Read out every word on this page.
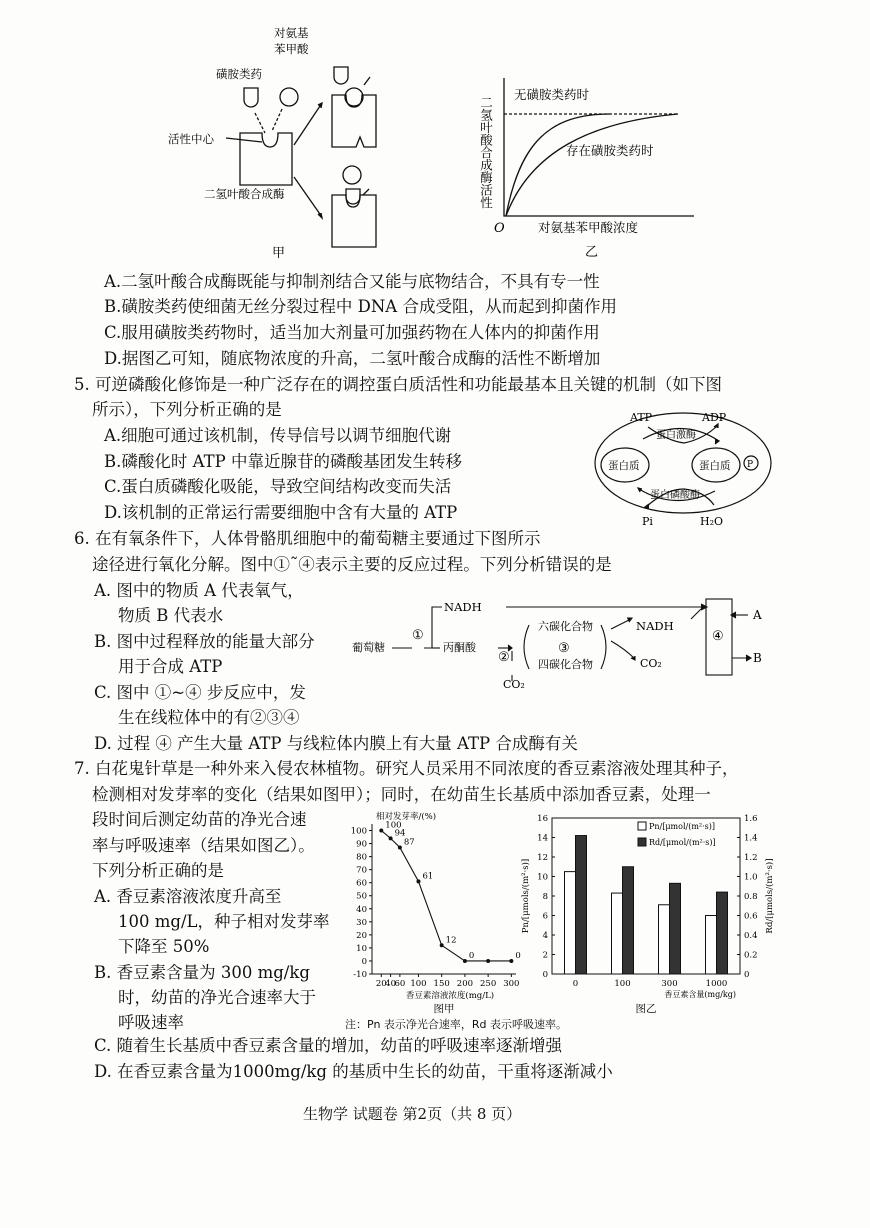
磺胺类药
对氨基
苯甲酸
活性中心
二氢叶酸合成酶
甲
二氢叶酸合成酶活性
O	对氨基苯甲酸浓度
无磺胺类药时
存在磺胺类药时
乙
A.二氢叶酸合成酶既能与抑制剂结合又能与底物结合，不具有专一性
B.磺胺类药使细菌无丝分裂过程中 DNA 合成受阻，从而起到抑菌作用
C.服用磺胺类药物时，适当加大剂量可加强药物在人体内的抑菌作用
D.据图乙可知，随底物浓度的升高，二氢叶酸合成酶的活性不断增加
5. 可逆磷酸化修饰是一种广泛存在的调控蛋白质活性和功能最基本且关键的机制（如下图
所示），下列分析正确的是
A.细胞可通过该机制，传导信号以调节细胞代谢
B.磷酸化时 ATP 中靠近腺苷的磷酸基团发生转移
C.蛋白质磷酸化吸能，导致空间结构改变而失活
D.该机制的正常运行需要细胞中含有大量的 ATP
ATP	ADP
蛋白激酶
蛋白质	蛋白质 P
蛋白磷酸酶
Pi	H₂O
6. 在有氧条件下，人体骨骼肌细胞中的葡萄糖主要通过下图所示
途径进行氧化分解。图中①˜④表示主要的反应过程。下列分析错误的是
A. 图中的物质 A 代表氧气，
物质 B 代表水
B. 图中过程释放的能量大部分
用于合成 ATP
C. 图中 ①~④ 步反应中，发
生在线粒体中的有②③④
D. 过程 ④ 产生大量 ATP 与线粒体内膜上有大量 ATP 合成酶有关
葡萄糖
①
NADH
丙酮酸
②
CO₂
六碳化合物
③
四碳化合物
NADH
CO₂
④
A
B
7. 白花鬼针草是一种外来入侵农林植物。研究人员采用不同浓度的香豆素溶液处理其种子，
检测相对发芽率的变化（结果如图甲）；同时，在幼苗生长基质中添加香豆素，处理一
段时间后测定幼苗的净光合速
率与呼吸速率（结果如图乙）。
下列分析正确的是
A. 香豆素溶液浓度升高至
100 mg/L，种子相对发芽率
下降至 50%
B. 香豆素含量为 300 mg/kg
时，幼苗的净光合速率大于
呼吸速率
C. 随着生长基质中香豆素含量的增加，幼苗的呼吸速率逐渐增强
D. 在香豆素含量为1000mg/kg 的基质中生长的幼苗，干重将逐渐减小
-10
0
10
20
30
40
50
60
70
80
90
100
20
40
60 100 150 200 250 300
100
94
87
61
12
0	0
相对发芽率/(%)
香豆素溶液浓度(mg/L)
图甲
0
2
4
6
8
10
12
14
16
0
0.2
0.4
0.6
0.8
1.0
1.2
1.4
1.6
0	100	300	1000
Pn/[μmol/(m²·s)]
Rd/[μmol/(m²·s)]
Pn/[μmols/(m²·s)]	Rd/[μmols/(m²·s)]
香豆素含量(mg/kg)
图乙
注：Pn 表示净光合速率，Rd 表示呼吸速率。
生物学 试题卷 第2页（共 8 页）
